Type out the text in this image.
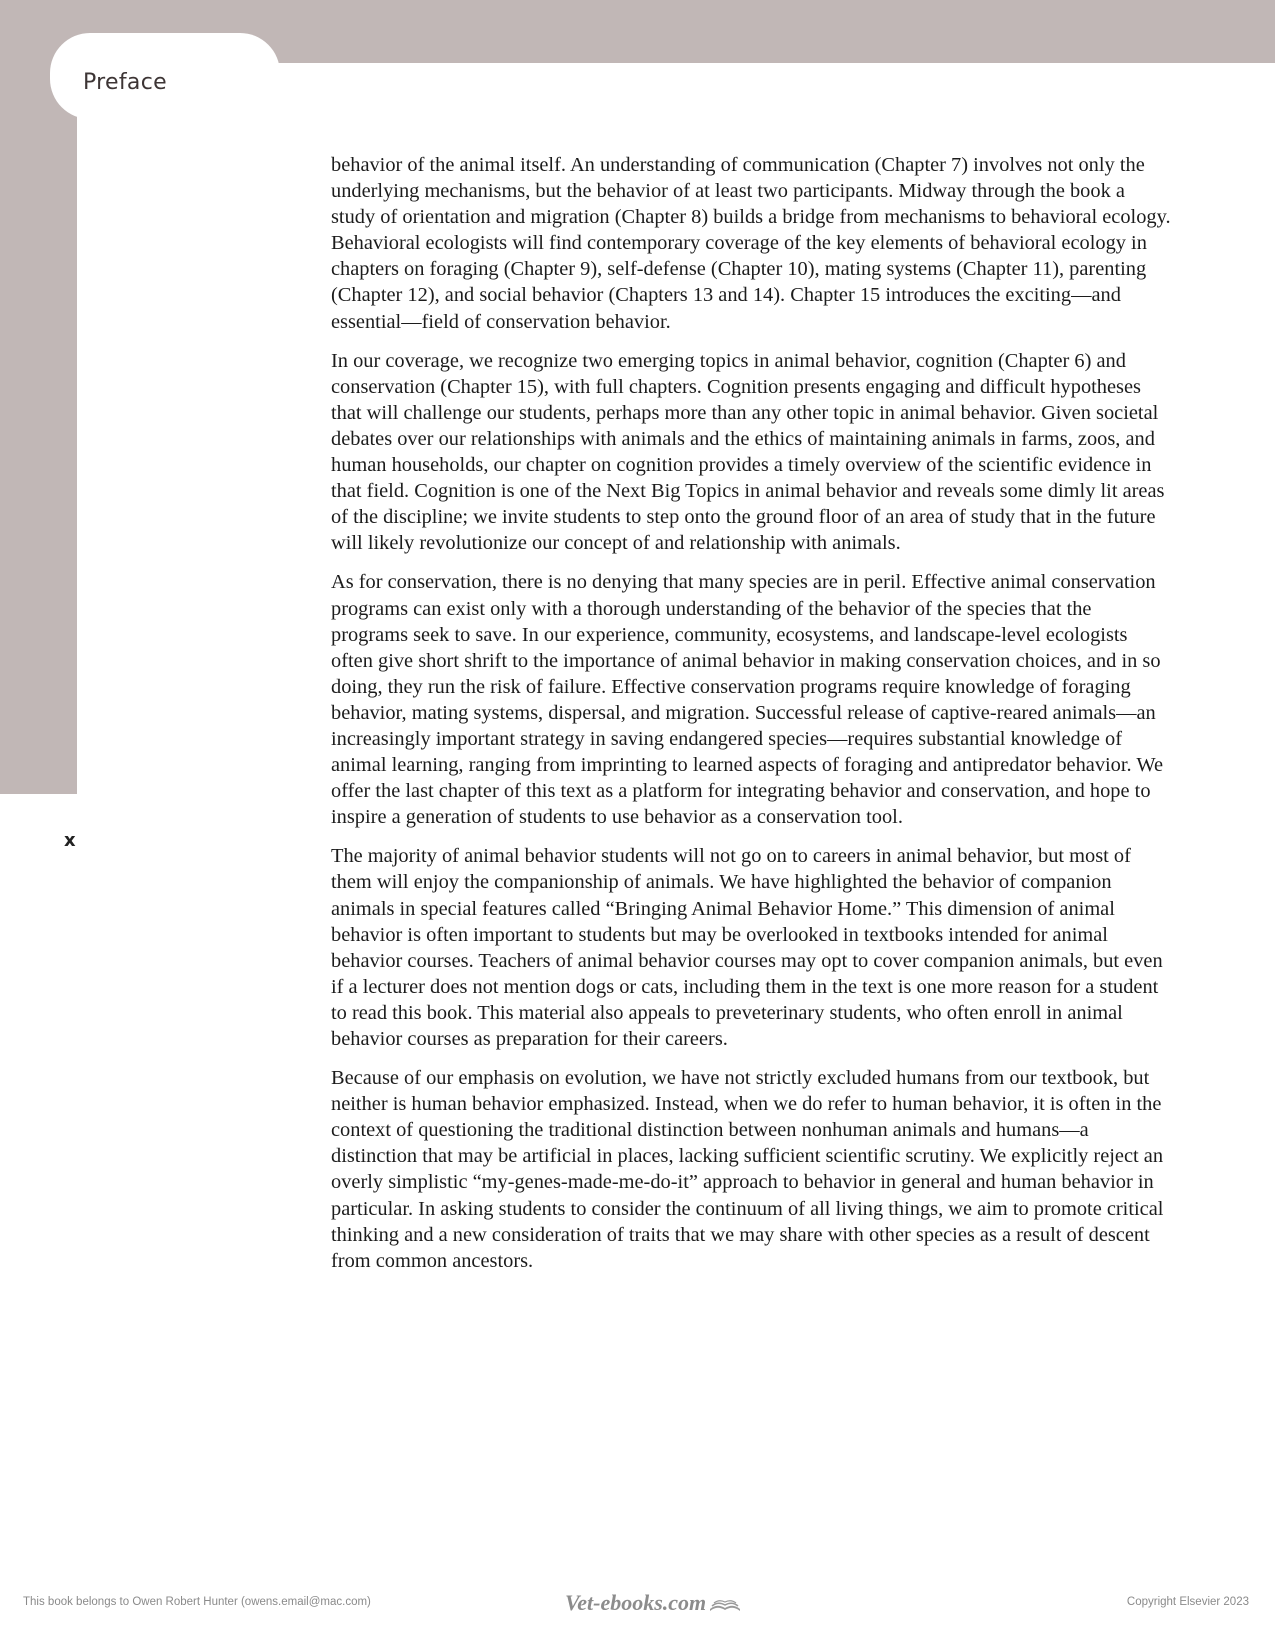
Preface
x

behavior of the animal itself. An understanding of communication (Chapter 7) involves not only the underlying mechanisms, but the behavior of at least two participants. Midway through the book a study of orientation and migration (Chapter 8) builds a bridge from mechanisms to behavioral ecology. Behavioral ecologists will find contemporary coverage of the key elements of behavioral ecology in chapters on foraging (Chapter 9), self-defense (Chapter 10), mating systems (Chapter 11), parenting (Chapter 12), and social behavior (Chapters 13 and 14). Chapter 15 introduces the exciting—and essential—field of conservation behavior.

In our coverage, we recognize two emerging topics in animal behavior, cognition (Chapter 6) and conservation (Chapter 15), with full chapters. Cognition presents engaging and difficult hypotheses that will challenge our students, perhaps more than any other topic in animal behavior. Given societal debates over our relationships with animals and the ethics of maintaining animals in farms, zoos, and human households, our chapter on cognition provides a timely overview of the scientific evidence in that field. Cognition is one of the Next Big Topics in animal behavior and reveals some dimly lit areas of the discipline; we invite students to step onto the ground floor of an area of study that in the future will likely revolutionize our concept of and relationship with animals.

As for conservation, there is no denying that many species are in peril. Effective animal conservation programs can exist only with a thorough understanding of the behavior of the species that the programs seek to save. In our experience, community, ecosystems, and landscape-level ecologists often give short shrift to the importance of animal behavior in making conservation choices, and in so doing, they run the risk of failure. Effective conservation programs require knowledge of foraging behavior, mating systems, dispersal, and migration. Successful release of captive-reared animals—an increasingly important strategy in saving endangered species—requires substantial knowledge of animal learning, ranging from imprinting to learned aspects of foraging and antipredator behavior. We offer the last chapter of this text as a platform for integrating behavior and conservation, and hope to inspire a generation of students to use behavior as a conservation tool.

The majority of animal behavior students will not go on to careers in animal behavior, but most of them will enjoy the companionship of animals. We have highlighted the behavior of companion animals in special features called “Bringing Animal Behavior Home.” This dimension of animal behavior is often important to students but may be overlooked in textbooks intended for animal behavior courses. Teachers of animal behavior courses may opt to cover companion animals, but even if a lecturer does not mention dogs or cats, including them in the text is one more reason for a student to read this book. This material also appeals to preveterinary students, who often enroll in animal behavior courses as preparation for their careers.

Because of our emphasis on evolution, we have not strictly excluded humans from our textbook, but neither is human behavior emphasized. Instead, when we do refer to human behavior, it is often in the context of questioning the traditional distinction between nonhuman animals and humans—a distinction that may be artificial in places, lacking sufficient scientific scrutiny. We explicitly reject an overly simplistic “my-genes-made-me-do-it” approach to behavior in general and human behavior in particular. In asking students to consider the continuum of all living things, we aim to promote critical thinking and a new consideration of traits that we may share with other species as a result of descent from common ancestors.

This book belongs to Owen Robert Hunter (owens.email@mac.com)	Vet-ebooks.com	Copyright Elsevier 2023
